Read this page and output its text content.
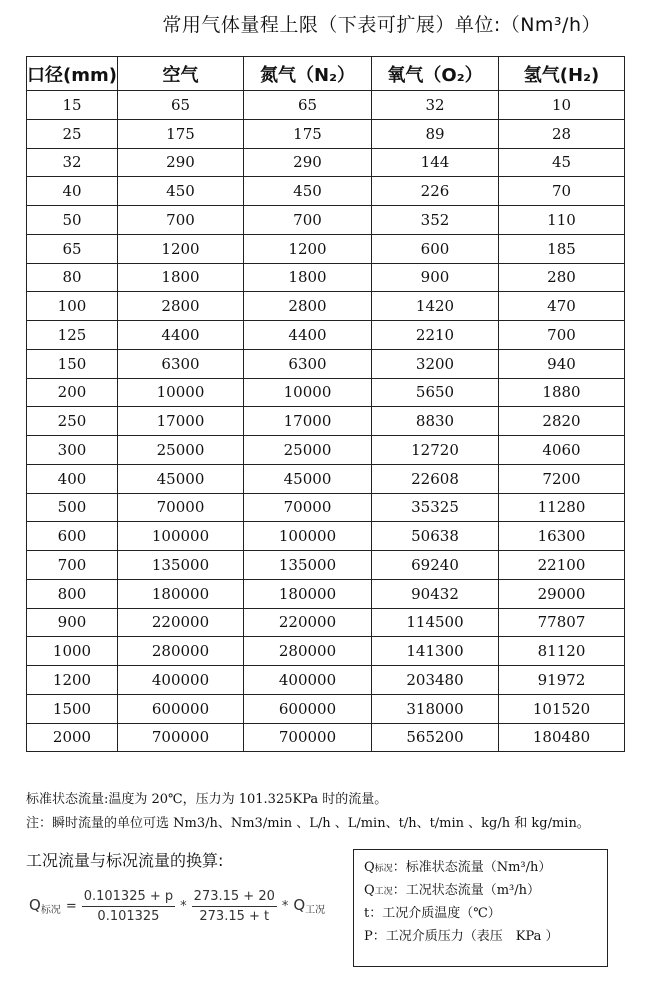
常用气体量程上限（下表可扩展）单位:（Nm³/h）
口径(mm)	空气	氮气（N₂）	氧气（O₂）	氢气(H₂)
15	65	65	32	10
25	175	175	89	28
32	290	290	144	45
40	450	450	226	70
50	700	700	352	110
65	1200	1200	600	185
80	1800	1800	900	280
100	2800	2800	1420	470
125	4400	4400	2210	700
150	6300	6300	3200	940
200	10000	10000	5650	1880
250	17000	17000	8830	2820
300	25000	25000	12720	4060
400	45000	45000	22608	7200
500	70000	70000	35325	11280
600	100000	100000	50638	16300
700	135000	135000	69240	22100
800	180000	180000	90432	29000
900	220000	220000	114500	77807
1000	280000	280000	141300	81120
1200	400000	400000	203480	91972
1500	600000	600000	318000	101520
2000	700000	700000	565200	180480
标准状态流量:温度为 20℃，压力为 101.325KPa 时的流量。
注：瞬时流量的单位可选 Nm3/h、Nm3/min 、L/h 、L/min、t/h、t/min 、kg/h 和 kg/min。
工况流量与标况流量的换算:
$Q_{标况} = \frac{0.101325 + p}{0.101325} * \frac{273.15 + 20}{273.15 + t} * Q_{工况}$
Q标况：标准状态流量（Nm³/h）
Q工况：工况状态流量（m³/h）
t：工况介质温度（℃）
P：工况介质压力（表压　KPa ）
